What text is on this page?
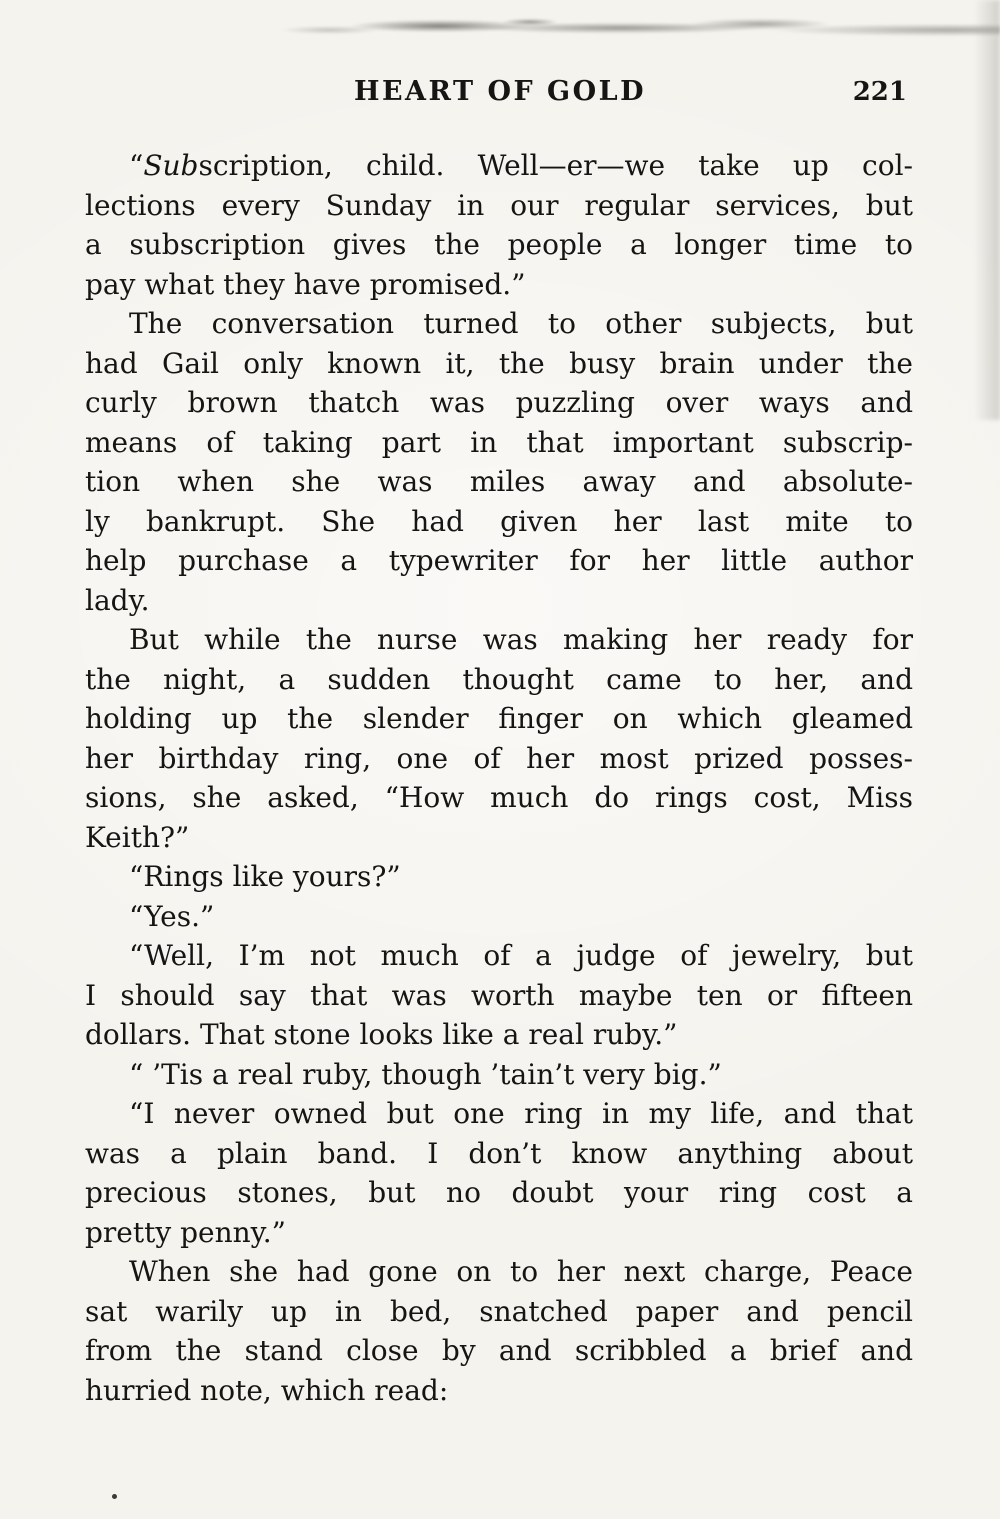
HEART OF GOLD	221
“Subscription, child. Well—er—we take up col-
lections every Sunday in our regular services, but
a subscription gives the people a longer time to
pay what they have promised.”
The conversation turned to other subjects, but
had Gail only known it, the busy brain under the
curly brown thatch was puzzling over ways and
means of taking part in that important subscrip-
tion when she was miles away and absolute-
ly bankrupt. She had given her last mite to
help purchase a typewriter for her little author
lady.
But while the nurse was making her ready for
the night, a sudden thought came to her, and
holding up the slender finger on which gleamed
her birthday ring, one of her most prized posses-
sions, she asked, “How much do rings cost, Miss
Keith?”
“Rings like yours?”
“Yes.”
“Well, I’m not much of a judge of jewelry, but
I should say that was worth maybe ten or fifteen
dollars. That stone looks like a real ruby.”
“ ’Tis a real ruby, though ’tain’t very big.”
“I never owned but one ring in my life, and that
was a plain band. I don’t know anything about
precious stones, but no doubt your ring cost a
pretty penny.”
When she had gone on to her next charge, Peace
sat warily up in bed, snatched paper and pencil
from the stand close by and scribbled a brief and
hurried note, which read:
